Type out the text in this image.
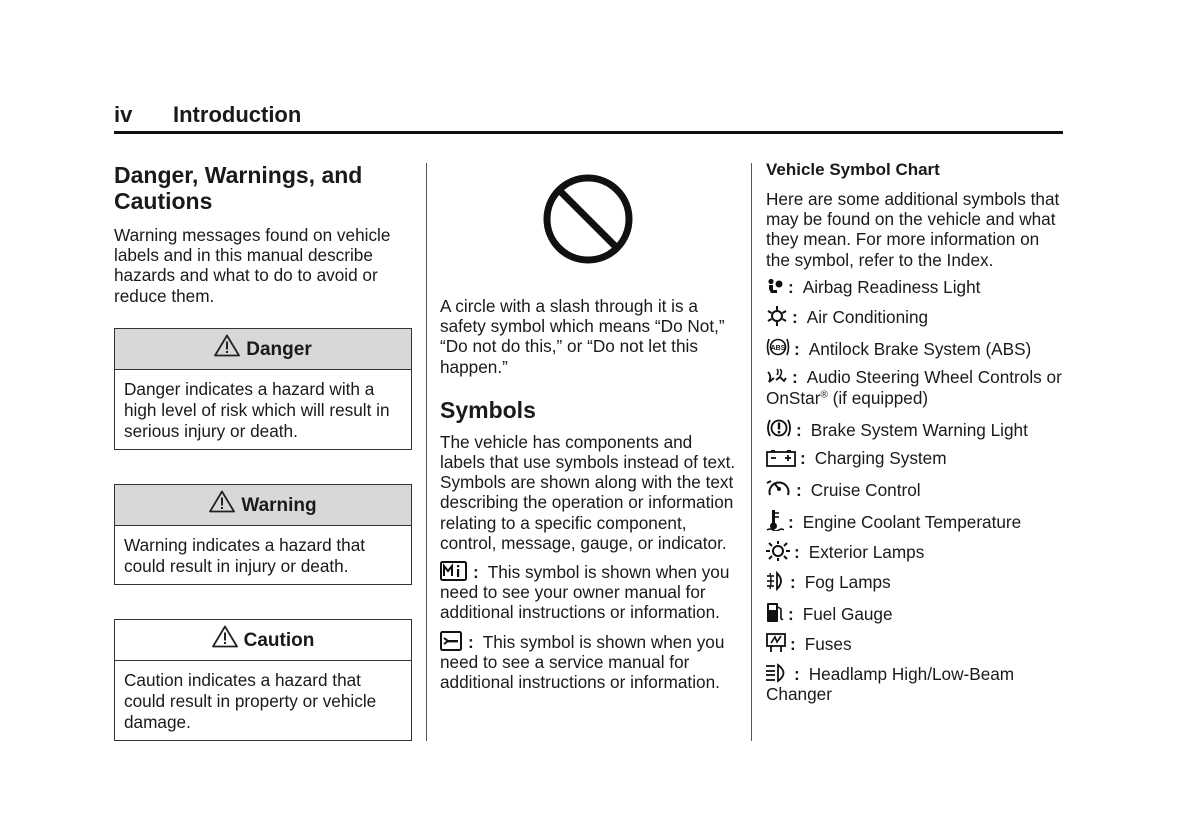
iv Introduction
Danger, Warnings, and Cautions

Warning messages found on vehicle labels and in this manual describe hazards and what to do to avoid or reduce them.

Danger
Danger indicates a hazard with a high level of risk which will result in serious injury or death.
Warning
Warning indicates a hazard that could result in injury or death.
Caution
Caution indicates a hazard that could result in property or vehicle damage.

A circle with a slash through it is a safety symbol which means “Do Not,” “Do not do this,” or “Do not let this happen.”

Symbols

The vehicle has components and labels that use symbols instead of text. Symbols are shown along with the text describing the operation or information relating to a specific component, control, message, gauge, or indicator.

: This symbol is shown when you need to see your owner manual for additional instructions or information.

: This symbol is shown when you need to see a service manual for additional instructions or information.

Vehicle Symbol Chart

Here are some additional symbols that may be found on the vehicle and what they mean. For more information on the symbol, refer to the Index.

: Airbag Readiness Light
: Air Conditioning
ABS : Antilock Brake System (ABS)
: Audio Steering Wheel Controls or OnStar® (if equipped)
: Brake System Warning Light
: Charging System
: Cruise Control
: Engine Coolant Temperature
: Exterior Lamps
: Fog Lamps
: Fuel Gauge
: Fuses
: Headlamp High/Low-Beam Changer
